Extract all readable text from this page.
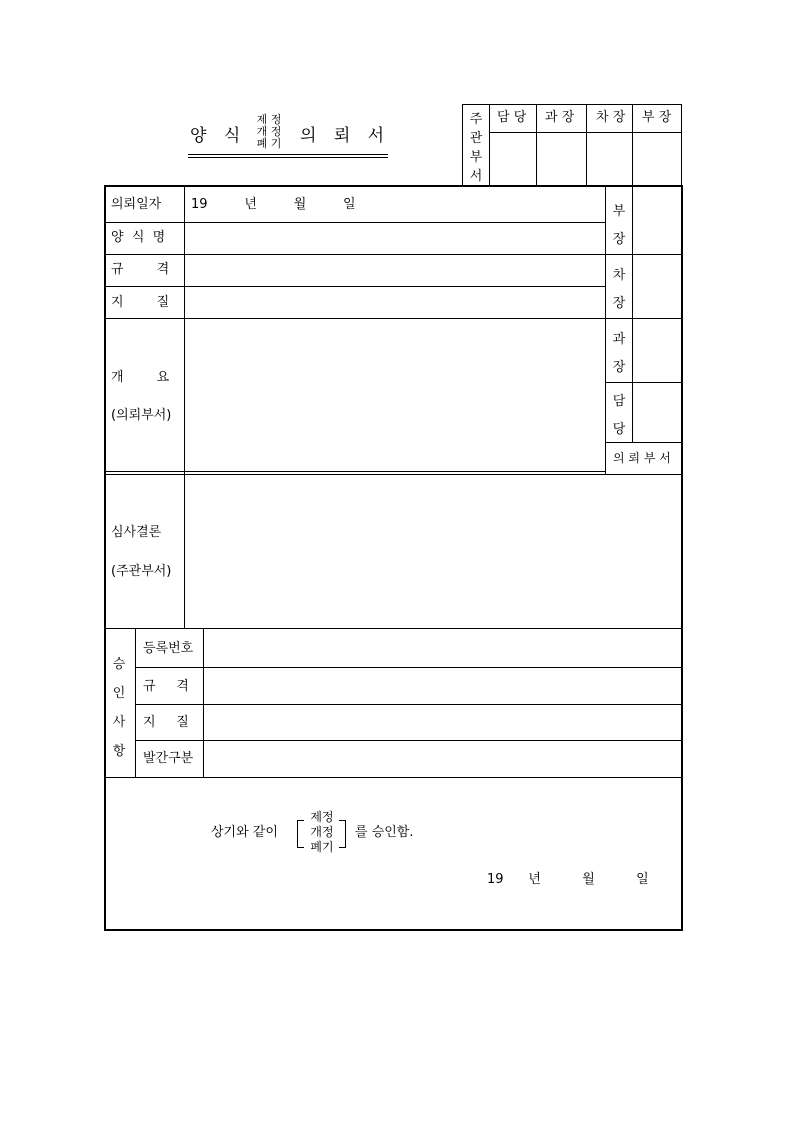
양 식
제 정
개 정
폐 기	의 뢰 서
주
관
부
서
담 당 과 장 차 장 부 장
의뢰일자 19      년      월      일
양  식  명
규        격
지        질
개        요
(의뢰부서)
부
장
차
장
과
장
담
당
의 뢰 부 서
심사결론
(주관부서)
승
인
사
항
등록번호
규     격
지     질
발간구분
상기와 같이
제정
개정
폐기
를 승인함.
19      년          월          일
